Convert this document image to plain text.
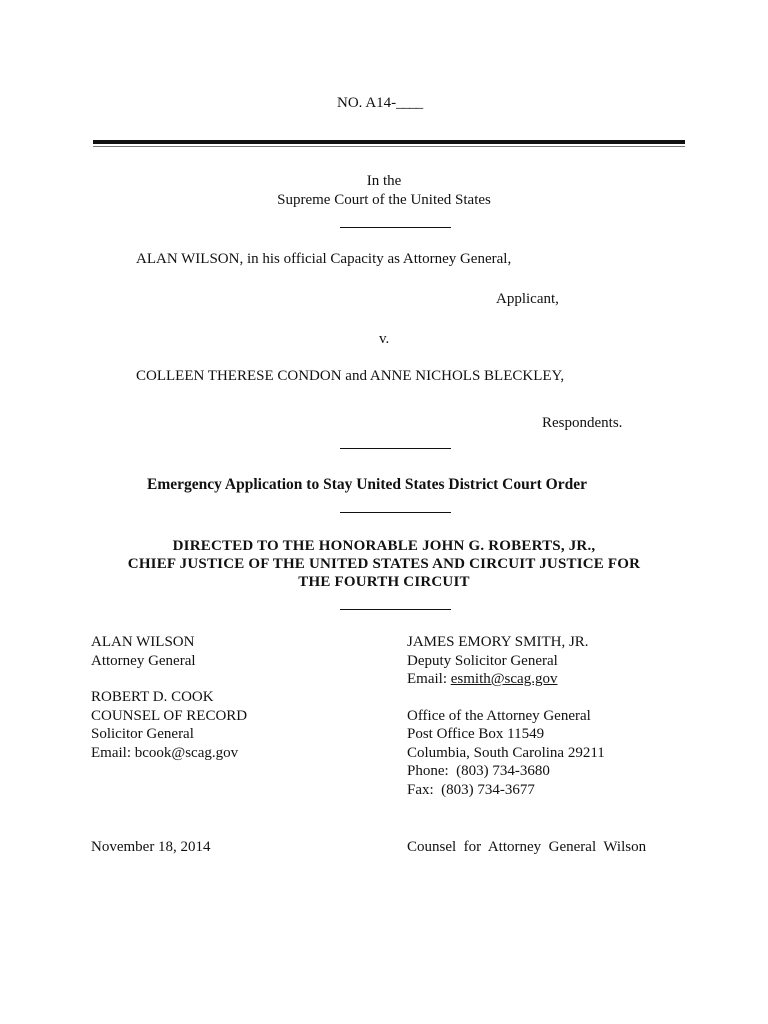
NO. A14-____
In the
Supreme Court of the United States
ALAN WILSON, in his official Capacity as Attorney General,
Applicant,
v.
COLLEEN THERESE CONDON and ANNE NICHOLS BLECKLEY,
Respondents.
Emergency Application to Stay United States District Court Order
DIRECTED TO THE HONORABLE JOHN G. ROBERTS, JR.,
CHIEF JUSTICE OF THE UNITED STATES AND CIRCUIT JUSTICE FOR
THE FOURTH CIRCUIT
ALAN WILSON
Attorney General
ROBERT D. COOK
COUNSEL OF RECORD
Solicitor General
Email: bcook@scag.gov
JAMES EMORY SMITH, JR.
Deputy Solicitor General
Email: esmith@scag.gov
Office of the Attorney General
Post Office Box 11549
Columbia, South Carolina 29211
Phone:  (803) 734-3680
Fax:  (803) 734-3677
November 18, 2014	Counsel  for  Attorney  General  Wilson
